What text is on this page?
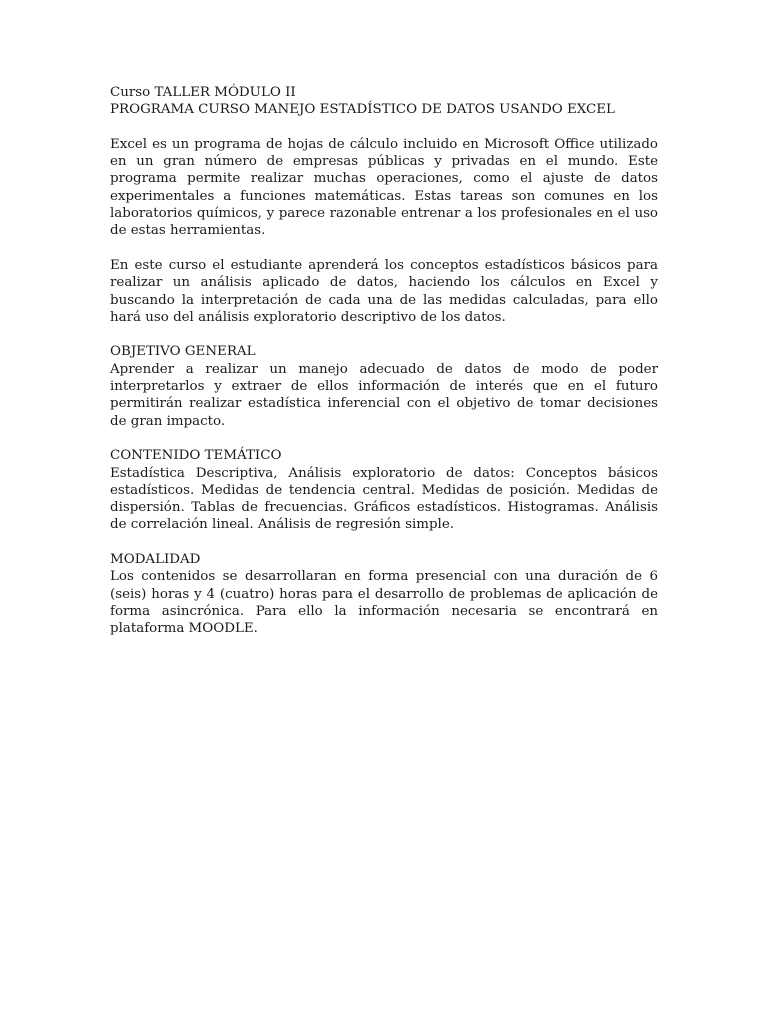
Curso TALLER MÓDULO II

PROGRAMA CURSO MANEJO ESTADÍSTICO DE DATOS USANDO EXCEL

Excel es un programa de hojas de cálculo incluido en Microsoft Office utilizado en un gran número de empresas públicas y privadas en el mundo. Este programa permite realizar muchas operaciones, como el ajuste de datos experimentales a funciones matemáticas. Estas tareas son comunes en los laboratorios químicos, y parece razonable entrenar a los profesionales en el uso de estas herramientas.

En este curso el estudiante aprenderá los conceptos estadísticos básicos para realizar un análisis aplicado de datos, haciendo los cálculos en Excel y buscando la interpretación de cada una de las medidas calculadas, para ello hará uso del análisis exploratorio descriptivo de los datos.

OBJETIVO GENERAL

Aprender a realizar un manejo adecuado de datos de modo de poder interpretarlos y extraer de ellos información de interés que en el futuro permitirán realizar estadística inferencial con el objetivo de tomar decisiones de gran impacto.

CONTENIDO TEMÁTICO

Estadística Descriptiva, Análisis exploratorio de datos: Conceptos básicos estadísticos. Medidas de tendencia central. Medidas de posición. Medidas de dispersión. Tablas de frecuencias. Gráficos estadísticos. Histogramas. Análisis de correlación lineal. Análisis de regresión simple.

MODALIDAD

Los contenidos se desarrollaran en forma presencial con una duración de 6 (seis) horas y 4 (cuatro) horas para el desarrollo de problemas de aplicación de forma asincrónica. Para ello la información necesaria se encontrará en plataforma MOODLE.
